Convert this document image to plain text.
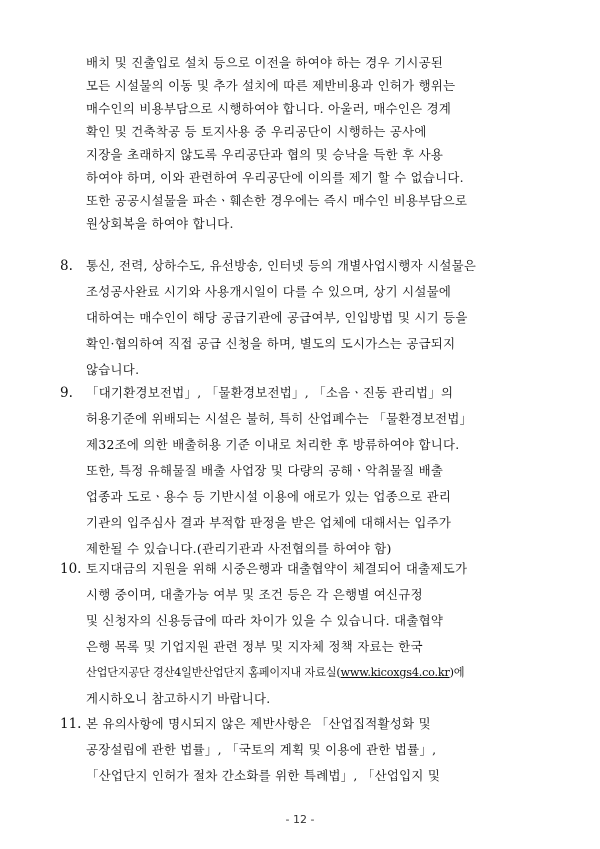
배치 및 진출입로 설치 등으로 이전을 하여야 하는 경우 기시공된
모든 시설물의 이동 및 추가 설치에 따른 제반비용과 인허가 행위는
매수인의 비용부담으로 시행하여야 합니다. 아울러, 매수인은 경계
확인 및 건축착공 등 토지사용 중 우리공단이 시행하는 공사에
지장을 초래하지 않도록 우리공단과 협의 및 승낙을 득한 후 사용
하여야 하며, 이와 관련하여 우리공단에 이의를 제기 할 수 없습니다.
또한 공공시설물을 파손ㆍ훼손한 경우에는 즉시 매수인 비용부담으로
원상회복을 하여야 합니다.
8.	통신, 전력, 상하수도, 유선방송, 인터넷 등의 개별사업시행자 시설물은
조성공사완료 시기와 사용개시일이 다를 수 있으며, 상기 시설물에
대하여는 매수인이 해당 공급기관에 공급여부, 인입방법 및 시기 등을
확인·협의하여 직접 공급 신청을 하며, 별도의 도시가스는 공급되지
않습니다.
9.	「대기환경보전법」, 「물환경보전법」, 「소음ㆍ진동 관리법」의
허용기준에 위배되는 시설은 불허, 특히 산업폐수는 「물환경보전법」
제32조에 의한 배출허용 기준 이내로 처리한 후 방류하여야 합니다.
또한, 특정 유해물질 배출 사업장 및 다량의 공해ㆍ악취물질 배출
업종과 도로ㆍ용수 등 기반시설 이용에 애로가 있는 업종으로 관리
기관의 입주심사 결과 부적합 판정을 받은 업체에 대해서는 입주가
제한될 수 있습니다.(관리기관과 사전협의를 하여야 함)
10. 토지대금의 지원을 위해 시중은행과 대출협약이 체결되어 대출제도가
시행 중이며, 대출가능 여부 및 조건 등은 각 은행별 여신규정
및 신청자의 신용등급에 따라 차이가 있을 수 있습니다. 대출협약
은행 목록 및 기업지원 관련 정부 및 지자체 정책 자료는 한국
산업단지공단 경산4일반산업단지 홈페이지내 자료실(www.kicoxgs4.co.kr)에
게시하오니 참고하시기 바랍니다.
11.
- 12 -
본 유의사항에 명시되지 않은 제반사항은 「산업집적활성화 및
공장설립에 관한 법률」, 「국토의 계획 및 이용에 관한 법률」,
「산업단지 인허가 절차 간소화를 위한 특례법」, 「산업입지 및
